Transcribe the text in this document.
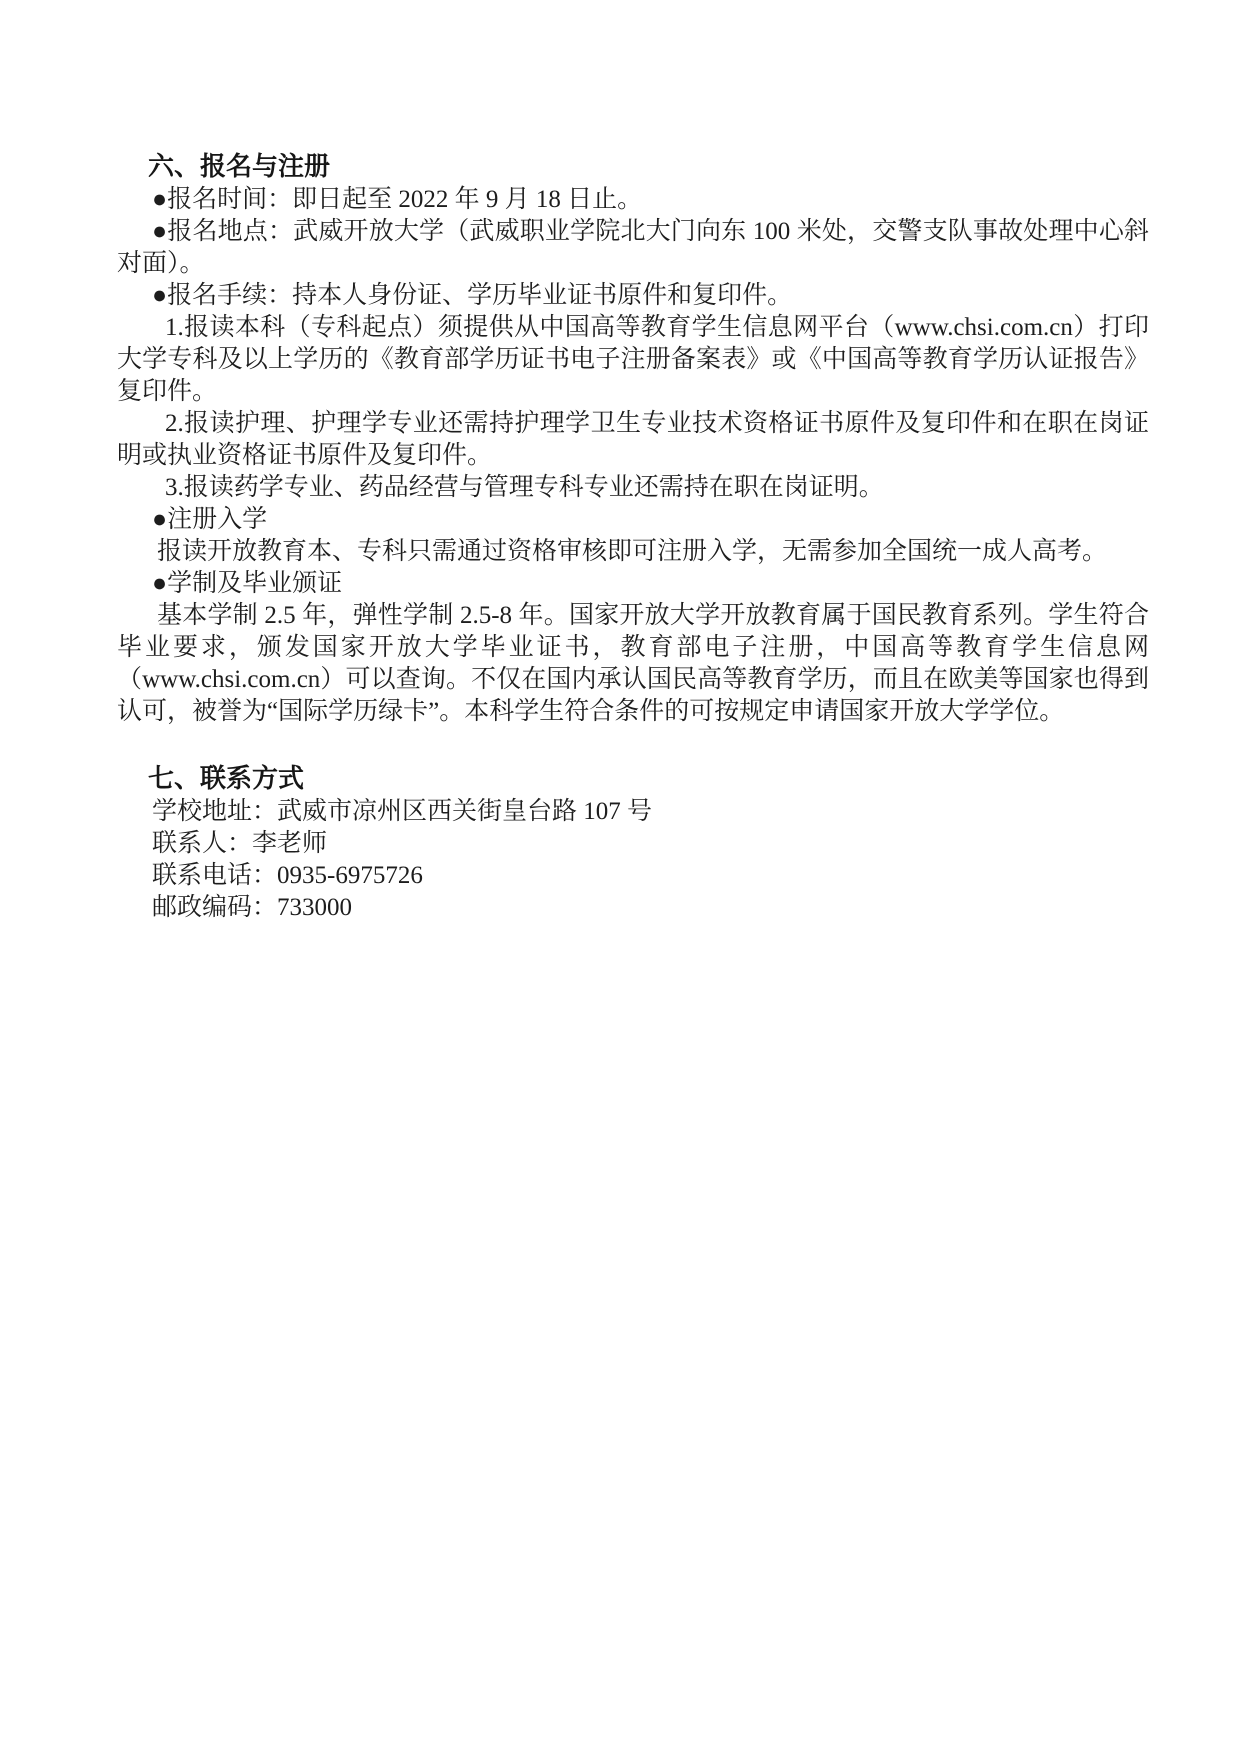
六、报名与注册

●报名时间：即日起至 2022 年 9 月 18 日止。

●报名地点：武威开放大学（武威职业学院北大门向东 100 米处，交警支队事故处理中心斜对面）。

●报名手续：持本人身份证、学历毕业证书原件和复印件。

1.报读本科（专科起点）须提供从中国高等教育学生信息网平台（www.chsi.com.cn）打印大学专科及以上学历的《教育部学历证书电子注册备案表》或《中国高等教育学历认证报告》复印件。

2.报读护理、护理学专业还需持护理学卫生专业技术资格证书原件及复印件和在职在岗证明或执业资格证书原件及复印件。

3.报读药学专业、药品经营与管理专科专业还需持在职在岗证明。

●注册入学

报读开放教育本、专科只需通过资格审核即可注册入学，无需参加全国统一成人高考。

●学制及毕业颁证

基本学制 2.5 年，弹性学制 2.5-8 年。国家开放大学开放教育属于国民教育系列。学生符合毕业要求，颁发国家开放大学毕业证书，教育部电子注册，中国高等教育学生信息网（www.chsi.com.cn）可以查询。不仅在国内承认国民高等教育学历，而且在欧美等国家也得到认可，被誉为“国际学历绿卡”。本科学生符合条件的可按规定申请国家开放大学学位。

七、联系方式

学校地址：武威市凉州区西关街皇台路 107 号

联系人：李老师

联系电话：0935-6975726

邮政编码：733000
